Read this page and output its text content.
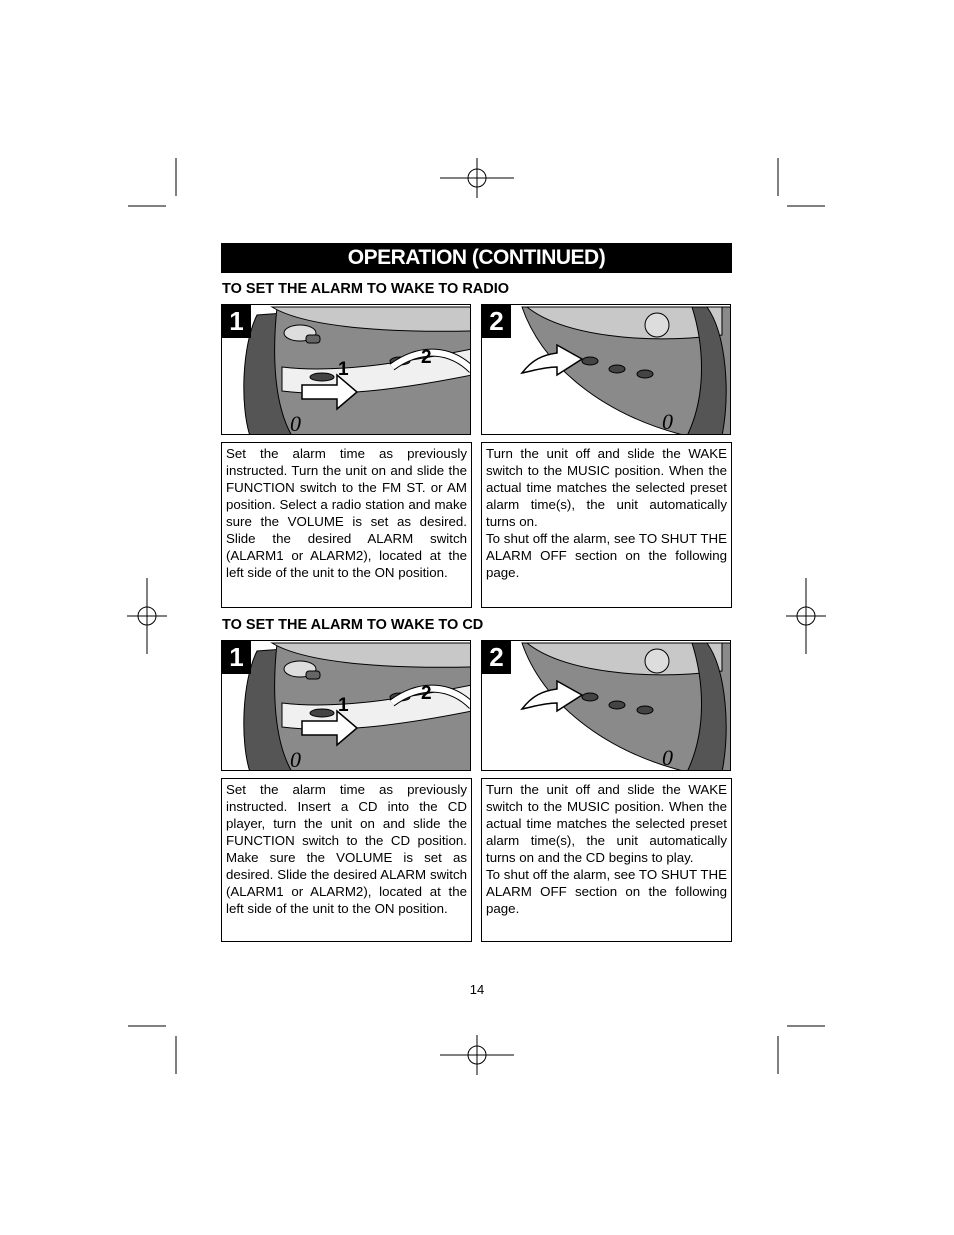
OPERATION (CONTINUED)
TO SET THE ALARM TO WAKE TO RADIO
0
1
1
2
0
2

Set the alarm time as previously instructed. Turn the unit on and slide the FUNCTION switch to the FM ST. or AM position. Select a radio station and make sure the VOLUME is set as desired. Slide the desired ALARM switch (ALARM1 or ALARM2), located at the left side of the unit to the ON position.

Turn the unit off and slide the WAKE switch to the MUSIC position. When the actual time matches the selected preset alarm time(s), the unit automatically turns on.

To shut off the alarm, see TO SHUT THE ALARM OFF section on the following page.

TO SET THE ALARM TO WAKE TO CD
0
1
1
2
0
2

Set the alarm time as previously instructed. Insert a CD into the CD player, turn the unit on and slide the FUNCTION switch to the CD position. Make sure the VOLUME is set as desired. Slide the desired ALARM switch (ALARM1 or ALARM2), located at the left side of the unit to the ON position.

Turn the unit off and slide the WAKE switch to the MUSIC position. When the actual time matches the selected preset alarm time(s), the unit automatically turns on and the CD begins to play.

To shut off the alarm, see TO SHUT THE ALARM OFF section on the following page.

14
